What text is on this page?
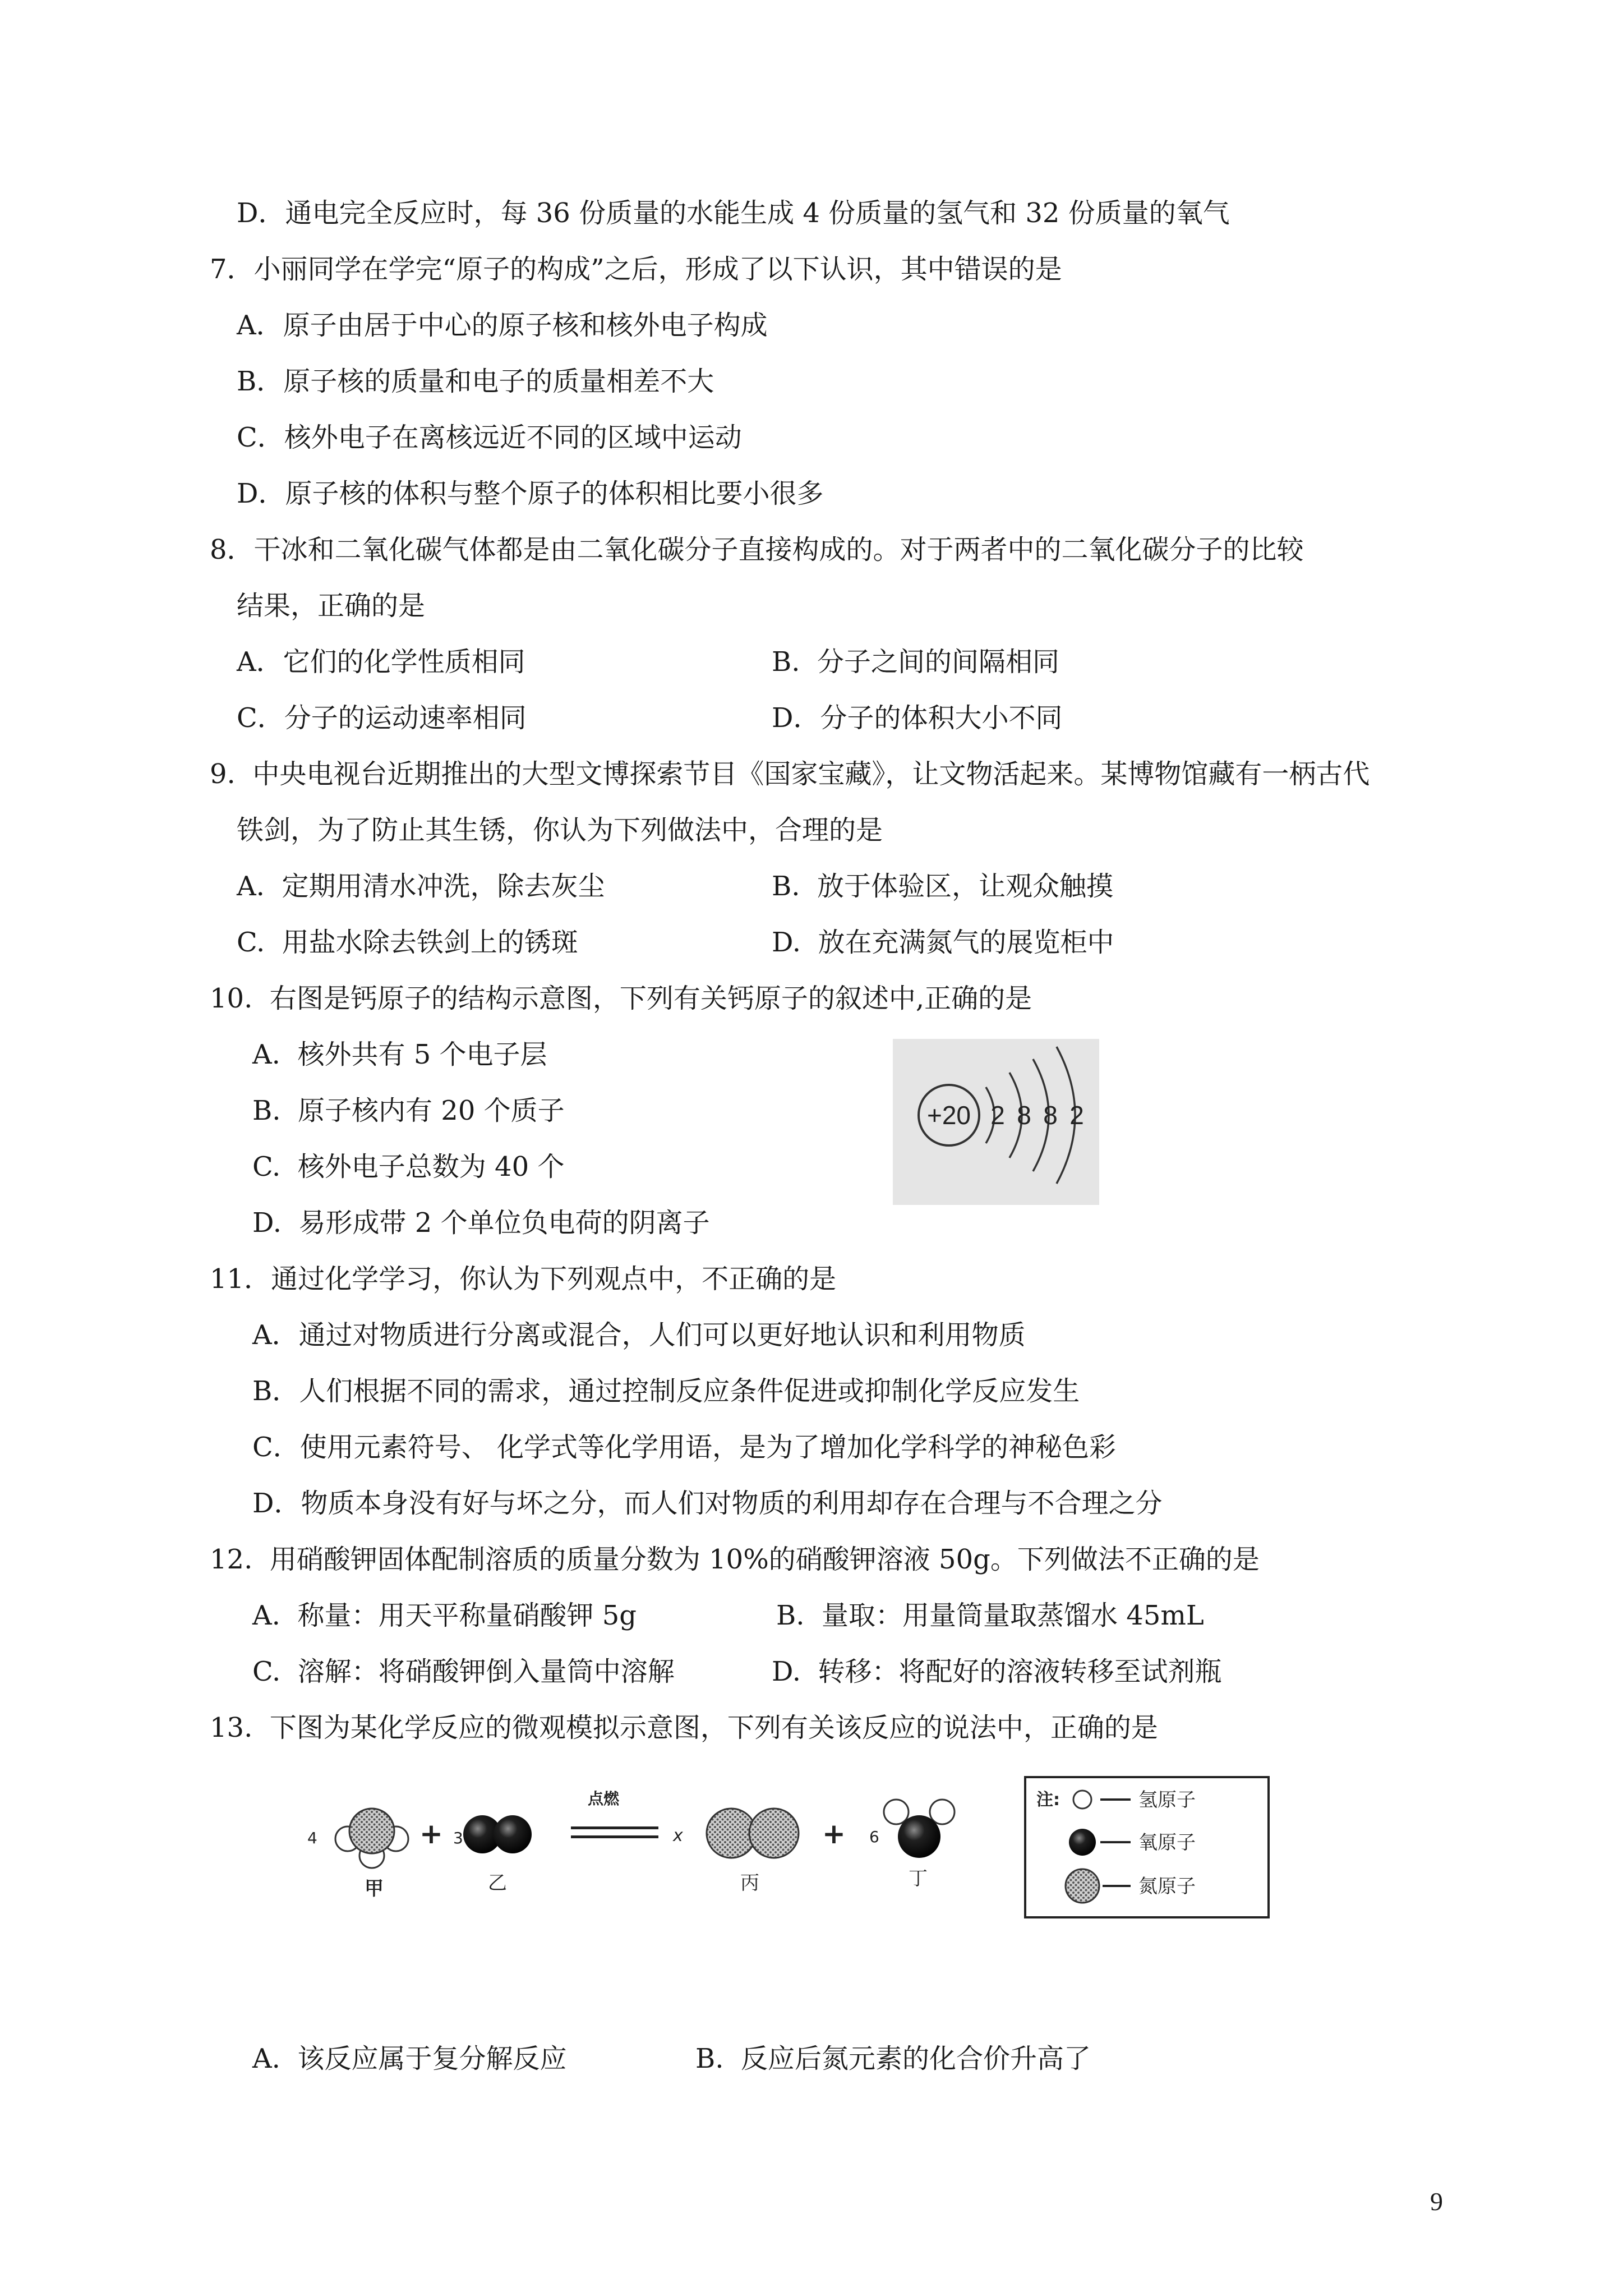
D．通电完全反应时，每 36 份质量的水能生成 4 份质量的氢气和 32 份质量的氧气
7．小丽同学在学完“原子的构成”之后，形成了以下认识，其中错误的是
A．原子由居于中心的原子核和核外电子构成
B．原子核的质量和电子的质量相差不大
C．核外电子在离核远近不同的区域中运动
D．原子核的体积与整个原子的体积相比要小很多
8．干冰和二氧化碳气体都是由二氧化碳分子直接构成的。对于两者中的二氧化碳分子的比较
结果，正确的是
A．它们的化学性质相同	B.  分子之间的间隔相同
C．分子的运动速率相同	D．分子的体积大小不同
9.  中央电视台近期推出的大型文博探索节目《国家宝藏》，让文物活起来。某博物馆藏有一柄古代
铁剑，为了防止其生锈，你认为下列做法中，合理的是
A.  定期用清水冲洗，除去灰尘	B.  放于体验区，让观众触摸
C.  用盐水除去铁剑上的锈斑	D.  放在充满氮气的展览柜中
10.  右图是钙原子的结构示意图，下列有关钙原子的叙述中,正确的是
A.  核外共有 5 个电子层
B.  原子核内有 20 个质子
C.  核外电子总数为 40 个
D.  易形成带 2 个单位负电荷的阴离子
+20 2 8 8 2
11．通过化学学习，你认为下列观点中，不正确的是
A．通过对物质进行分离或混合，人们可以更好地认识和利用物质
B．人们根据不同的需求，通过控制反应条件促进或抑制化学反应发生
C．使用元素符号、 化学式等化学用语，是为了增加化学科学的神秘色彩
D．物质本身没有好与坏之分，而人们对物质的利用却存在合理与不合理之分
12.  用硝酸钾固体配制溶质的质量分数为 10%的硝酸钾溶液 50g。下列做法不正确的是
A.  称量：用天平称量硝酸钾 5g	B.  量取：用量筒量取蒸馏水 45mL
C.  溶解：将硝酸钾倒入量筒中溶解	D.  转移：将配好的溶液转移至试剂瓶
13.  下图为某化学反应的微观模拟示意图，下列有关该反应的说法中，正确的是
4
甲
+ 3
乙
点燃
x
丙
+ 6
丁
注:	氢原子
氧原子
氮原子
A.  该反应属于复分解反应	B.  反应后氮元素的化合价升高了
9
